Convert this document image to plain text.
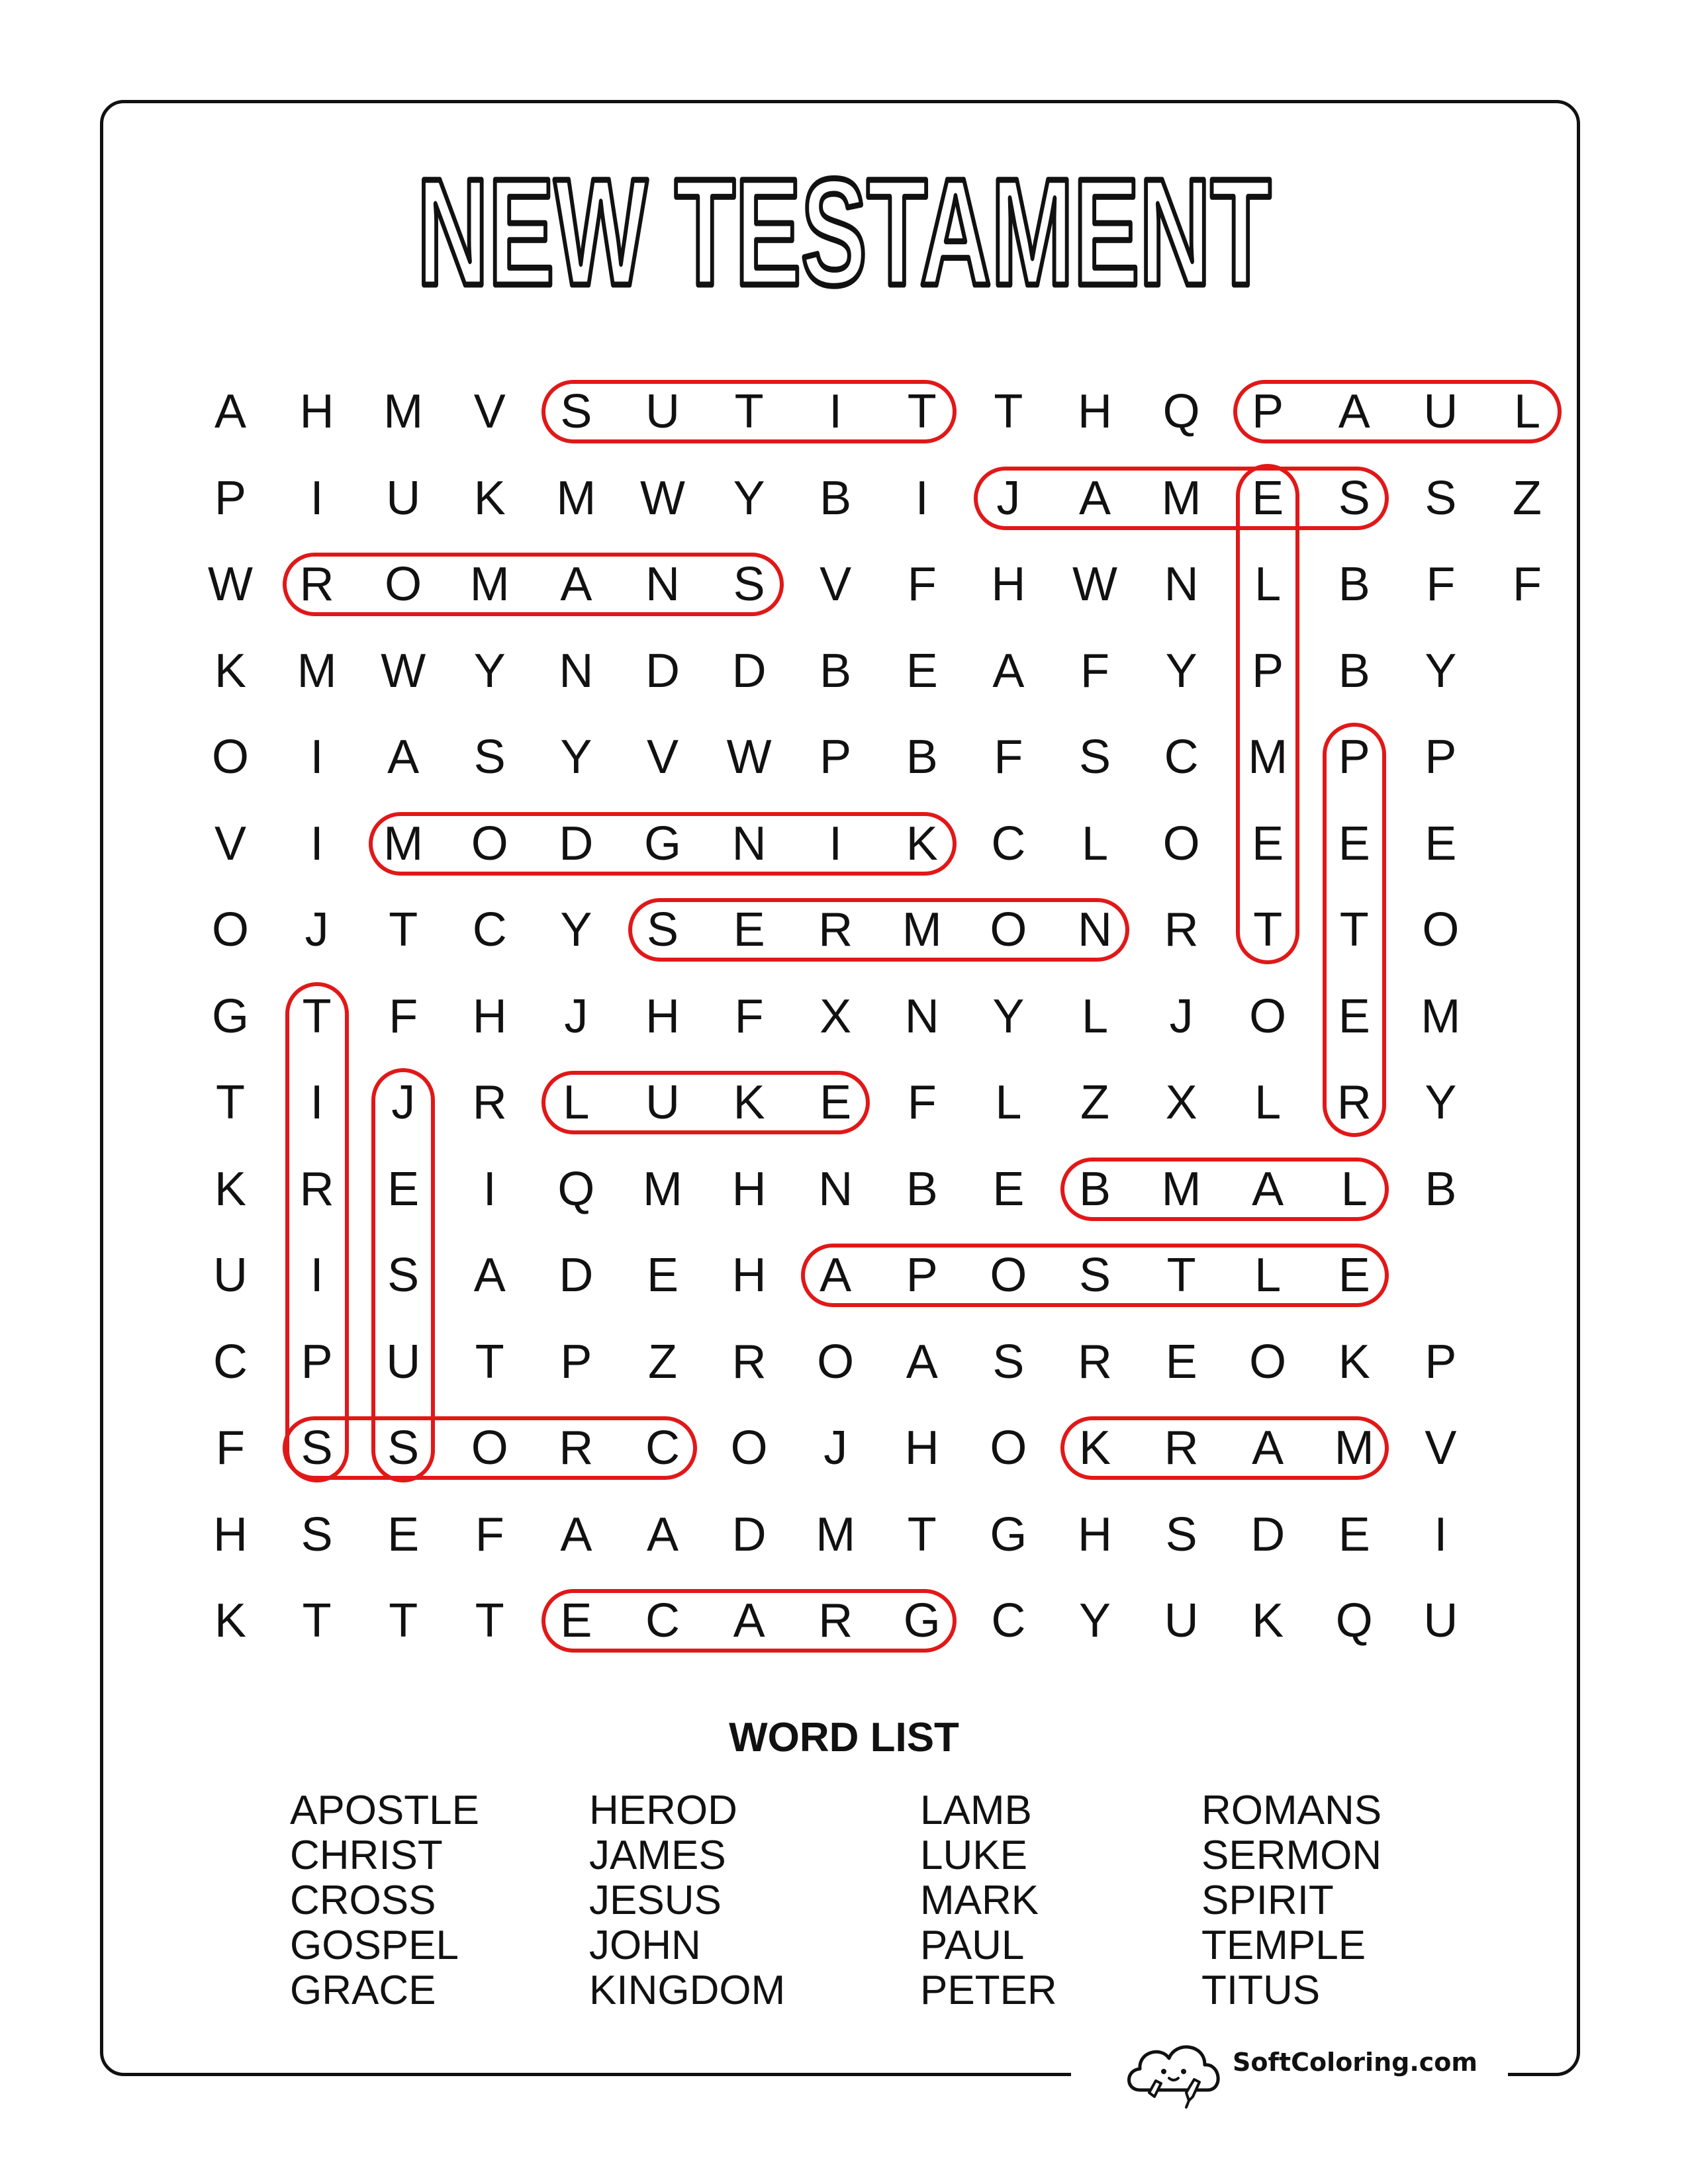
NEW TESTAMENT
A	H	M	V	S	U	T	I	T	T	H	Q	P	A	U	L
P	I	U	K	M W	Y	B	I	J	A	M	E	S	S	Z
W R	O	M	A	N	S	V	F	H W N	L	B	F	F
K	M W	Y	N	D	D	B	E	A	F	Y	P	B	Y
O	I	A	S	Y	V	W	P	B	F	S	C	M	P	P
V	I	M	O	D	G	N	I	K	C	L	O	E	E	E
O	J	T	C	Y	S	E	R	M	O	N	R	T	T	O
G	T	F	H	J	H	F	X	N	Y	L	J	O	E	M
T	I	J	R	L	U	K	E	F	L	Z	X	L	R	Y
K	R	E	I	Q	M	H	N	B	E	B	M	A	L	B
U	I	S	A	D	E	H	A	P	O	S	T	L	E
C	P	U	T	P	Z	R	O	A	S	R	E	O	K	P
F	S	S	O	R	C	O	J	H	O	K	R	A	M	V
H	S	E	F	A	A	D	M	T	G	H	S	D	E	I
K	T	T	T	E	C	A	R	G	C	Y	U	K	Q	U
WORD LIST
APOSTLE
CHRIST
CROSS
GOSPEL
GRACE
HEROD
JAMES
JESUS
JOHN
KINGDOM
LAMB
LUKE
MARK
PAUL
PETER
ROMANS
SERMON
SPIRIT
TEMPLE
TITUS
SoftColoring.com
